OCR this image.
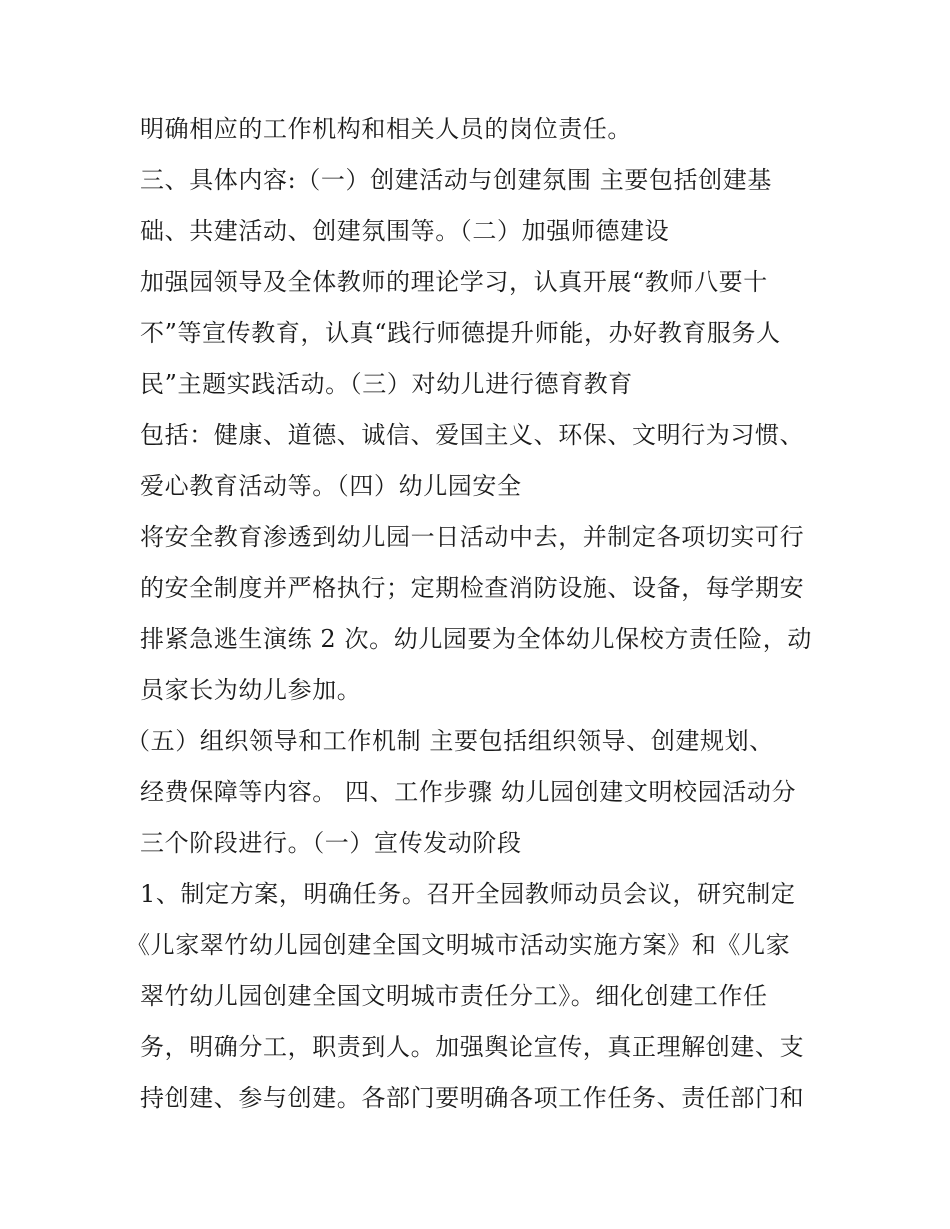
明确相应的工作机构和相关人员的岗位责任。
三、具体内容:（一）创建活动与创建氛围 主要包括创建基
础、共建活动、创建氛围等。（二）加强师德建设
加强园领导及全体教师的理论学习，认真开展“教师八要十
不”等宣传教育，认真“践行师德提升师能，办好教育服务人
民”主题实践活动。（三）对幼儿进行德育教育
包括：健康、道德、诚信、爱国主义、环保、文明行为习惯、
爱心教育活动等。（四）幼儿园安全
将安全教育渗透到幼儿园一日活动中去，并制定各项切实可行
的安全制度并严格执行；定期检查消防设施、设备，每学期安
排紧急逃生演练 2 次。幼儿园要为全体幼儿保校方责任险，动
员家长为幼儿参加。
（五）组织领导和工作机制 主要包括组织领导、创建规划、
经费保障等内容。 四、工作步骤 幼儿园创建文明校园活动分
三个阶段进行。（一）宣传发动阶段
1、制定方案，明确任务。召开全园教师动员会议，研究制定
《儿家翠竹幼儿园创建全国文明城市活动实施方案》和《儿家
翠竹幼儿园创建全国文明城市责任分工》。细化创建工作任
务，明确分工，职责到人。加强舆论宣传，真正理解创建、支
持创建、参与创建。各部门要明确各项工作任务、责任部门和
